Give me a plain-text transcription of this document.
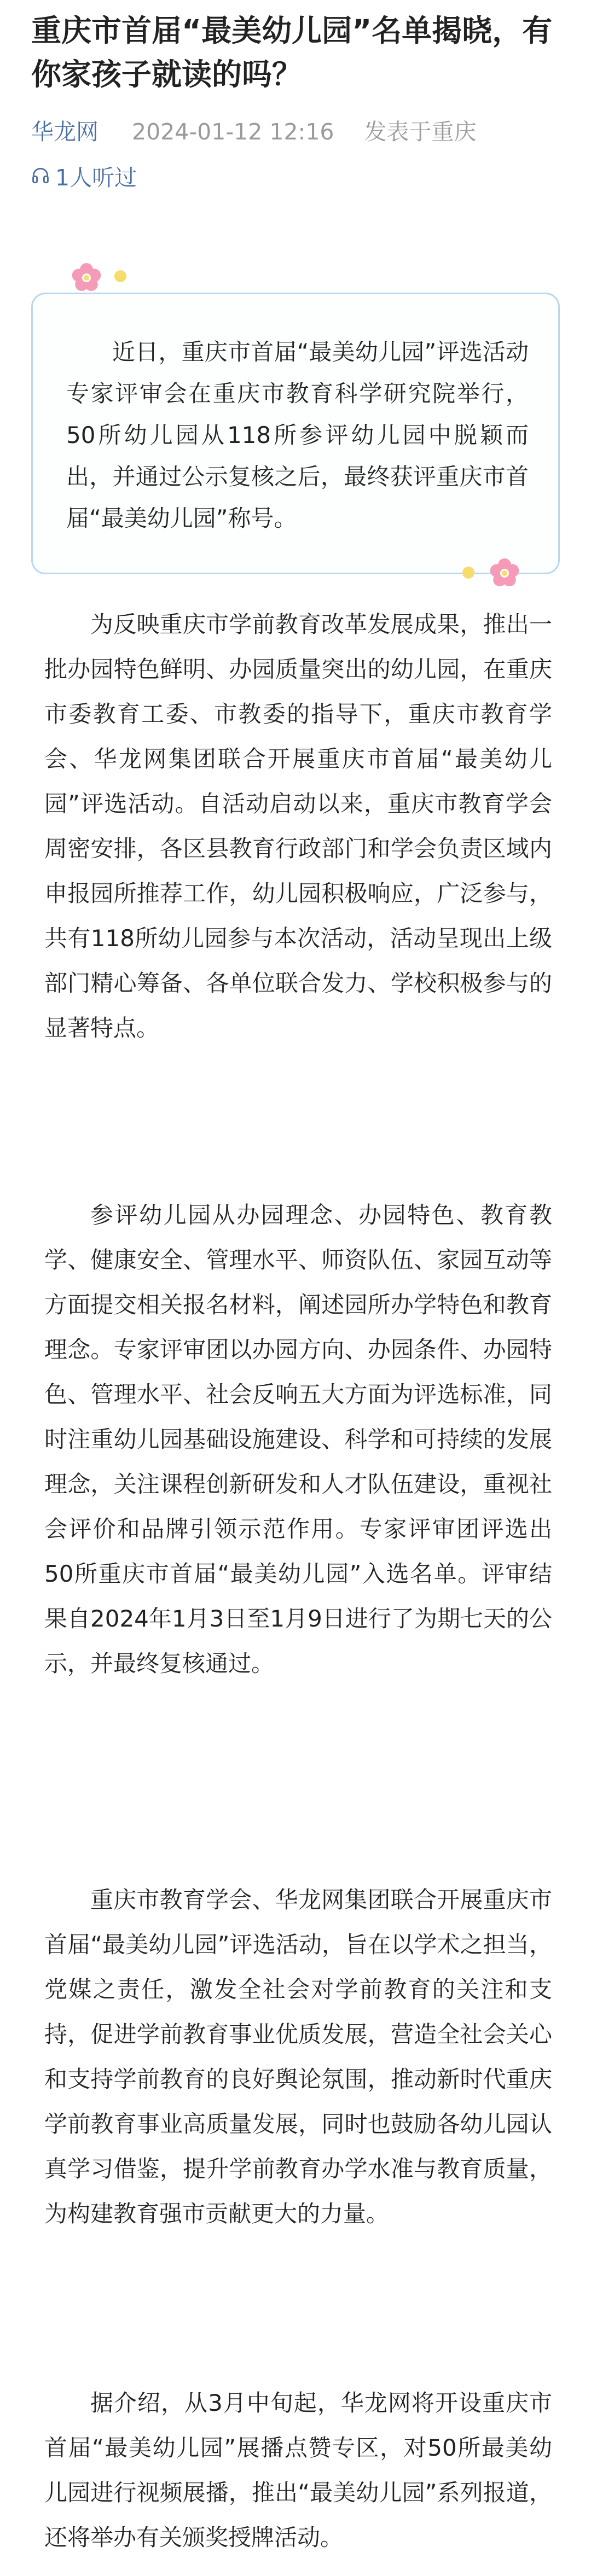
重庆市首届“最美幼儿园”名单揭晓，有你家孩子就读的吗？
华龙网 2024-01-12 12:16 发表于重庆
1人听过

近日，重庆市首届“最美幼儿园”评选活动专家评审会在重庆市教育科学研究院举行，50所幼儿园从118所参评幼儿园中脱颖而出，并通过公示复核之后，最终获评重庆市首届“最美幼儿园”称号。

为反映重庆市学前教育改革发展成果，推出一批办园特色鲜明、办园质量突出的幼儿园，在重庆市委教育工委、市教委的指导下，重庆市教育学会、华龙网集团联合开展重庆市首届“最美幼儿园”评选活动。自活动启动以来，重庆市教育学会周密安排，各区县教育行政部门和学会负责区域内申报园所推荐工作，幼儿园积极响应，广泛参与，共有118所幼儿园参与本次活动，活动呈现出上级部门精心筹备、各单位联合发力、学校积极参与的显著特点。

参评幼儿园从办园理念、办园特色、教育教学、健康安全、管理水平、师资队伍、家园互动等方面提交相关报名材料，阐述园所办学特色和教育理念。专家评审团以办园方向、办园条件、办园特色、管理水平、社会反响五大方面为评选标准，同时注重幼儿园基础设施建设、科学和可持续的发展理念，关注课程创新研发和人才队伍建设，重视社会评价和品牌引领示范作用。专家评审团评选出50所重庆市首届“最美幼儿园”入选名单。评审结果自2024年1月3日至1月9日进行了为期七天的公示，并最终复核通过。

重庆市教育学会、华龙网集团联合开展重庆市首届“最美幼儿园”评选活动，旨在以学术之担当，党媒之责任，激发全社会对学前教育的关注和支持，促进学前教育事业优质发展，营造全社会关心和支持学前教育的良好舆论氛围，推动新时代重庆学前教育事业高质量发展，同时也鼓励各幼儿园认真学习借鉴，提升学前教育办学水准与教育质量，为构建教育强市贡献更大的力量。

据介绍，从3月中旬起，华龙网将开设重庆市首届“最美幼儿园”展播点赞专区，对50所最美幼儿园进行视频展播，推出“最美幼儿园”系列报道，还将举办有关颁奖授牌活动。
